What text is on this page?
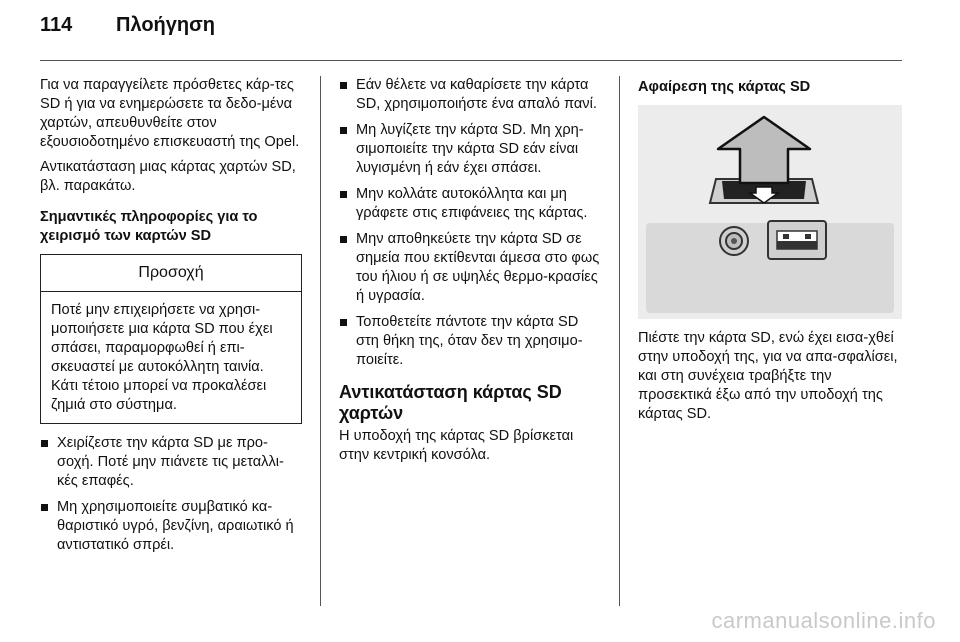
114	Πλοήγηση

Για να παραγγείλετε πρόσθετες κάρ-τες SD ή για να ενημερώσετε τα δεδο-μένα χαρτών, απευθυνθείτε στον εξουσιοδοτημένο επισκευαστή της Opel.

Αντικατάσταση μιας κάρτας χαρτών SD, βλ. παρακάτω.

Σημαντικές πληροφορίες για το χειρισμό των καρτών SD
Προσοχή
Ποτέ μην επιχειρήσετε να χρησι-μοποιήσετε μια κάρτα SD που έχει σπάσει, παραμορφωθεί ή επι-σκευαστεί με αυτοκόλλητη ταινία. Κάτι τέτοιο μπορεί να προκαλέσει ζημιά στο σύστημα.
Χειρίζεστε την κάρτα SD με προ-σοχή. Ποτέ μην πιάνετε τις μεταλλι-κές επαφές.
Μη χρησιμοποιείτε συμβατικό κα-θαριστικό υγρό, βενζίνη, αραιωτικό ή αντιστατικό σπρέι.
Εάν θέλετε να καθαρίσετε την κάρτα SD, χρησιμοποιήστε ένα απαλό πανί.
Μη λυγίζετε την κάρτα SD. Μη χρη-σιμοποιείτε την κάρτα SD εάν είναι λυγισμένη ή εάν έχει σπάσει.
Μην κολλάτε αυτοκόλλητα και μη γράφετε στις επιφάνειες της κάρτας.
Μην αποθηκεύετε την κάρτα SD σε σημεία που εκτίθενται άμεσα στο φως του ήλιου ή σε υψηλές θερμο-κρασίες ή υγρασία.
Τοποθετείτε πάντοτε την κάρτα SD στη θήκη της, όταν δεν τη χρησιμο-ποιείτε.
Αντικατάσταση κάρτας SD χαρτών

Η υποδοχή της κάρτας SD βρίσκεται στην κεντρική κονσόλα.

Αφαίρεση της κάρτας SD

Πιέστε την κάρτα SD, ενώ έχει εισα-χθεί στην υποδοχή της, για να απα-σφαλίσει, και στη συνέχεια τραβήξτε την προσεκτικά έξω από την υποδοχή της κάρτας SD.

carmanualsonline.info
